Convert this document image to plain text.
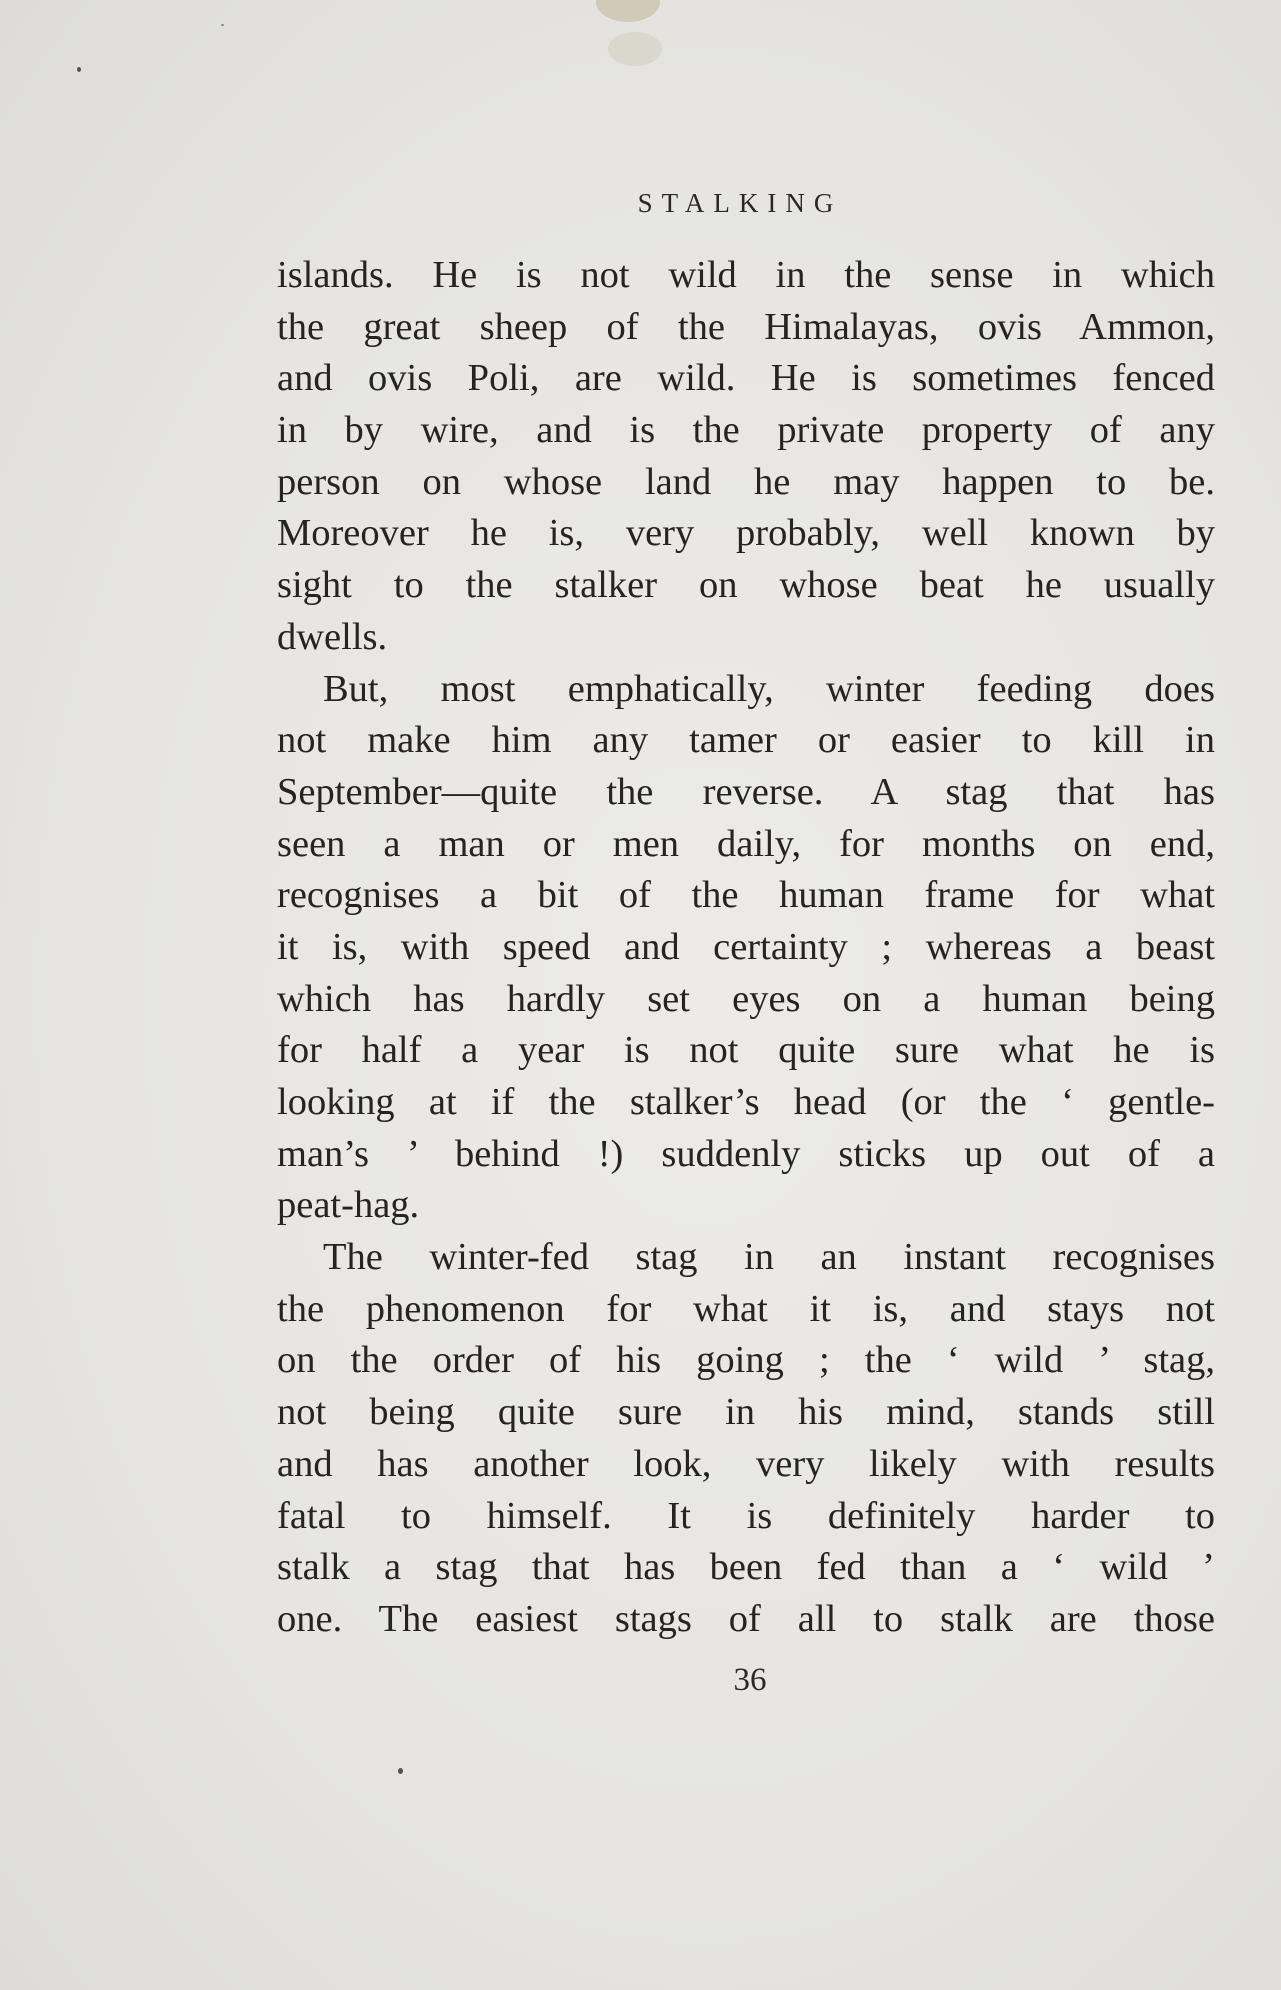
STALKING
islands. He is not wild in the sense in which
the great sheep of the Himalayas, ovis Ammon,
and ovis Poli, are wild. He is sometimes fenced
in by wire, and is the private property of any
person on whose land he may happen to be.
Moreover he is, very probably, well known by
sight to the stalker on whose beat he usually
dwells.
But, most emphatically, winter feeding does
not make him any tamer or easier to kill in
September—quite the reverse. A stag that has
seen a man or men daily, for months on end,
recognises a bit of the human frame for what
it is, with speed and certainty ; whereas a beast
which has hardly set eyes on a human being
for half a year is not quite sure what he is
looking at if the stalker’s head (or the ‘ gentle-
man’s ’ behind !) suddenly sticks up out of a
peat-hag.
The winter-fed stag in an instant recognises
the phenomenon for what it is, and stays not
on the order of his going ; the ‘ wild ’ stag,
not being quite sure in his mind, stands still
and has another look, very likely with results
fatal to himself. It is definitely harder to
stalk a stag that has been fed than a ‘ wild ’
one. The easiest stags of all to stalk are those
36
